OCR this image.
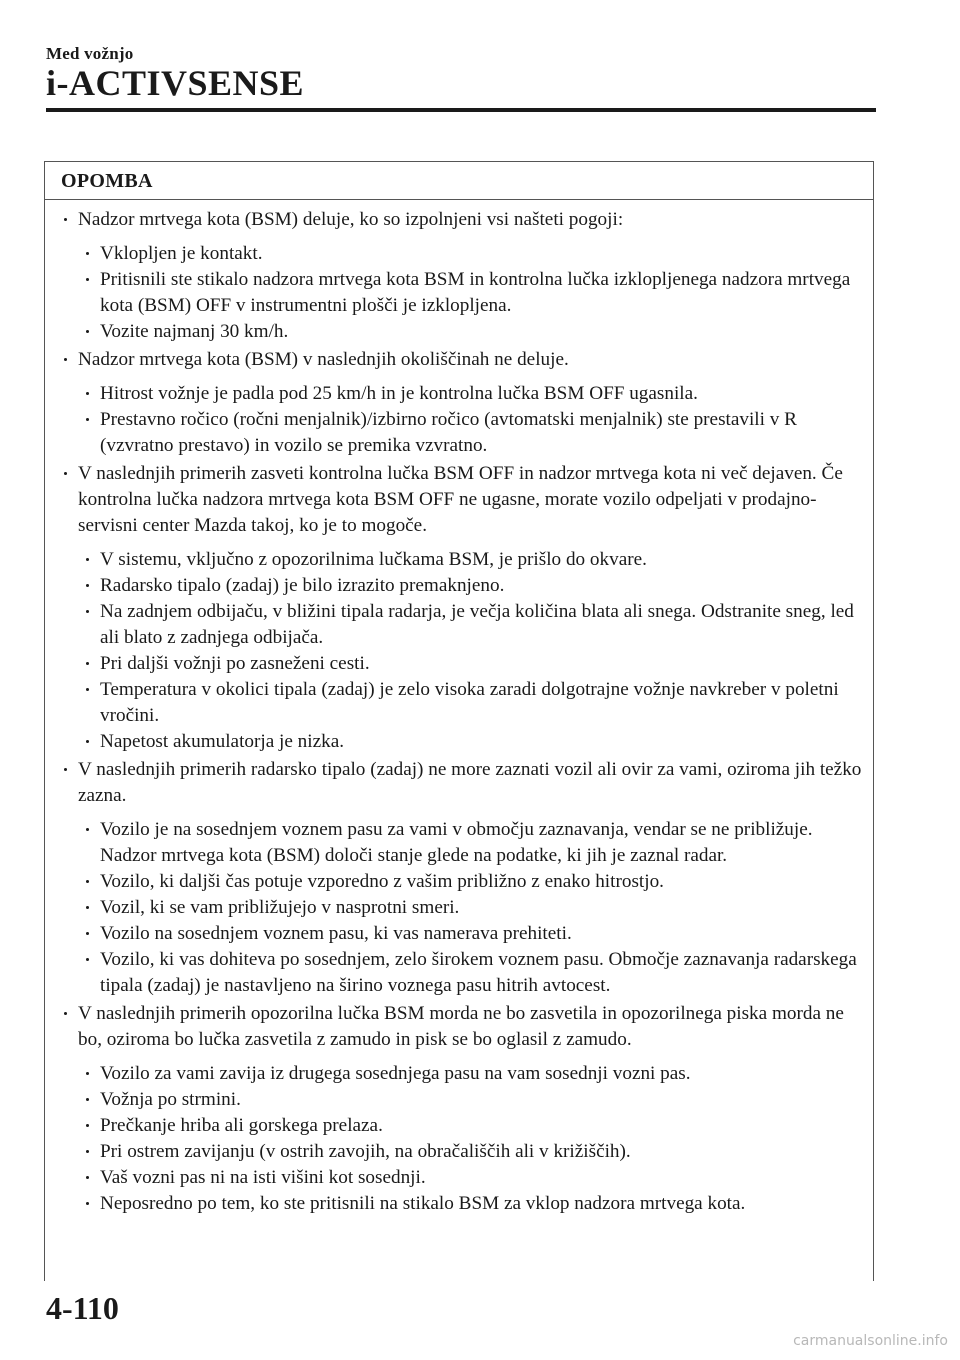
Med vožnjo
i-ACTIVSENSE
OPOMBA
Nadzor mrtvega kota (BSM) deluje, ko so izpolnjeni vsi našteti pogoji:
Vklopljen je kontakt.
Pritisnili ste stikalo nadzora mrtvega kota BSM in kontrolna lučka izklopljenega nadzora mrtvega kota (BSM) OFF v instrumentni plošči je izklopljena.
Vozite najmanj 30 km/h.
Nadzor mrtvega kota (BSM) v naslednjih okoliščinah ne deluje.
Hitrost vožnje je padla pod 25 km/h in je kontrolna lučka BSM OFF ugasnila.
Prestavno ročico (ročni menjalnik)/izbirno ročico (avtomatski menjalnik) ste prestavili v R (vzvratno prestavo) in vozilo se premika vzvratno.
V naslednjih primerih zasveti kontrolna lučka BSM OFF in nadzor mrtvega kota ni več dejaven. Če kontrolna lučka nadzora mrtvega kota BSM OFF ne ugasne, morate vozilo odpeljati v prodajno-servisni center Mazda takoj, ko je to mogoče.
V sistemu, vključno z opozorilnima lučkama BSM, je prišlo do okvare.
Radarsko tipalo (zadaj) je bilo izrazito premaknjeno.
Na zadnjem odbijaču, v bližini tipala radarja, je večja količina blata ali snega. Odstranite sneg, led ali blato z zadnjega odbijača.
Pri daljši vožnji po zasneženi cesti.
Temperatura v okolici tipala (zadaj) je zelo visoka zaradi dolgotrajne vožnje navkreber v poletni vročini.
Napetost akumulatorja je nizka.
V naslednjih primerih radarsko tipalo (zadaj) ne more zaznati vozil ali ovir za vami, oziroma jih težko zazna.
Vozilo je na sosednjem voznem pasu za vami v območju zaznavanja, vendar se ne približuje. Nadzor mrtvega kota (BSM) določi stanje glede na podatke, ki jih je zaznal radar.
Vozilo, ki daljši čas potuje vzporedno z vašim približno z enako hitrostjo.
Vozil, ki se vam približujejo v nasprotni smeri.
Vozilo na sosednjem voznem pasu, ki vas namerava prehiteti.
Vozilo, ki vas dohiteva po sosednjem, zelo širokem voznem pasu. Območje zaznavanja radarskega tipala (zadaj) je nastavljeno na širino voznega pasu hitrih avtocest.
V naslednjih primerih opozorilna lučka BSM morda ne bo zasvetila in opozorilnega piska morda ne bo, oziroma bo lučka zasvetila z zamudo in pisk se bo oglasil z zamudo.
Vozilo za vami zavija iz drugega sosednjega pasu na vam sosednji vozni pas.
Vožnja po strmini.
Prečkanje hriba ali gorskega prelaza.
Pri ostrem zavijanju (v ostrih zavojih, na obračališčih ali v križiščih).
Vaš vozni pas ni na isti višini kot sosednji.
Neposredno po tem, ko ste pritisnili na stikalo BSM za vklop nadzora mrtvega kota.
4-110
carmanualsonline.info
